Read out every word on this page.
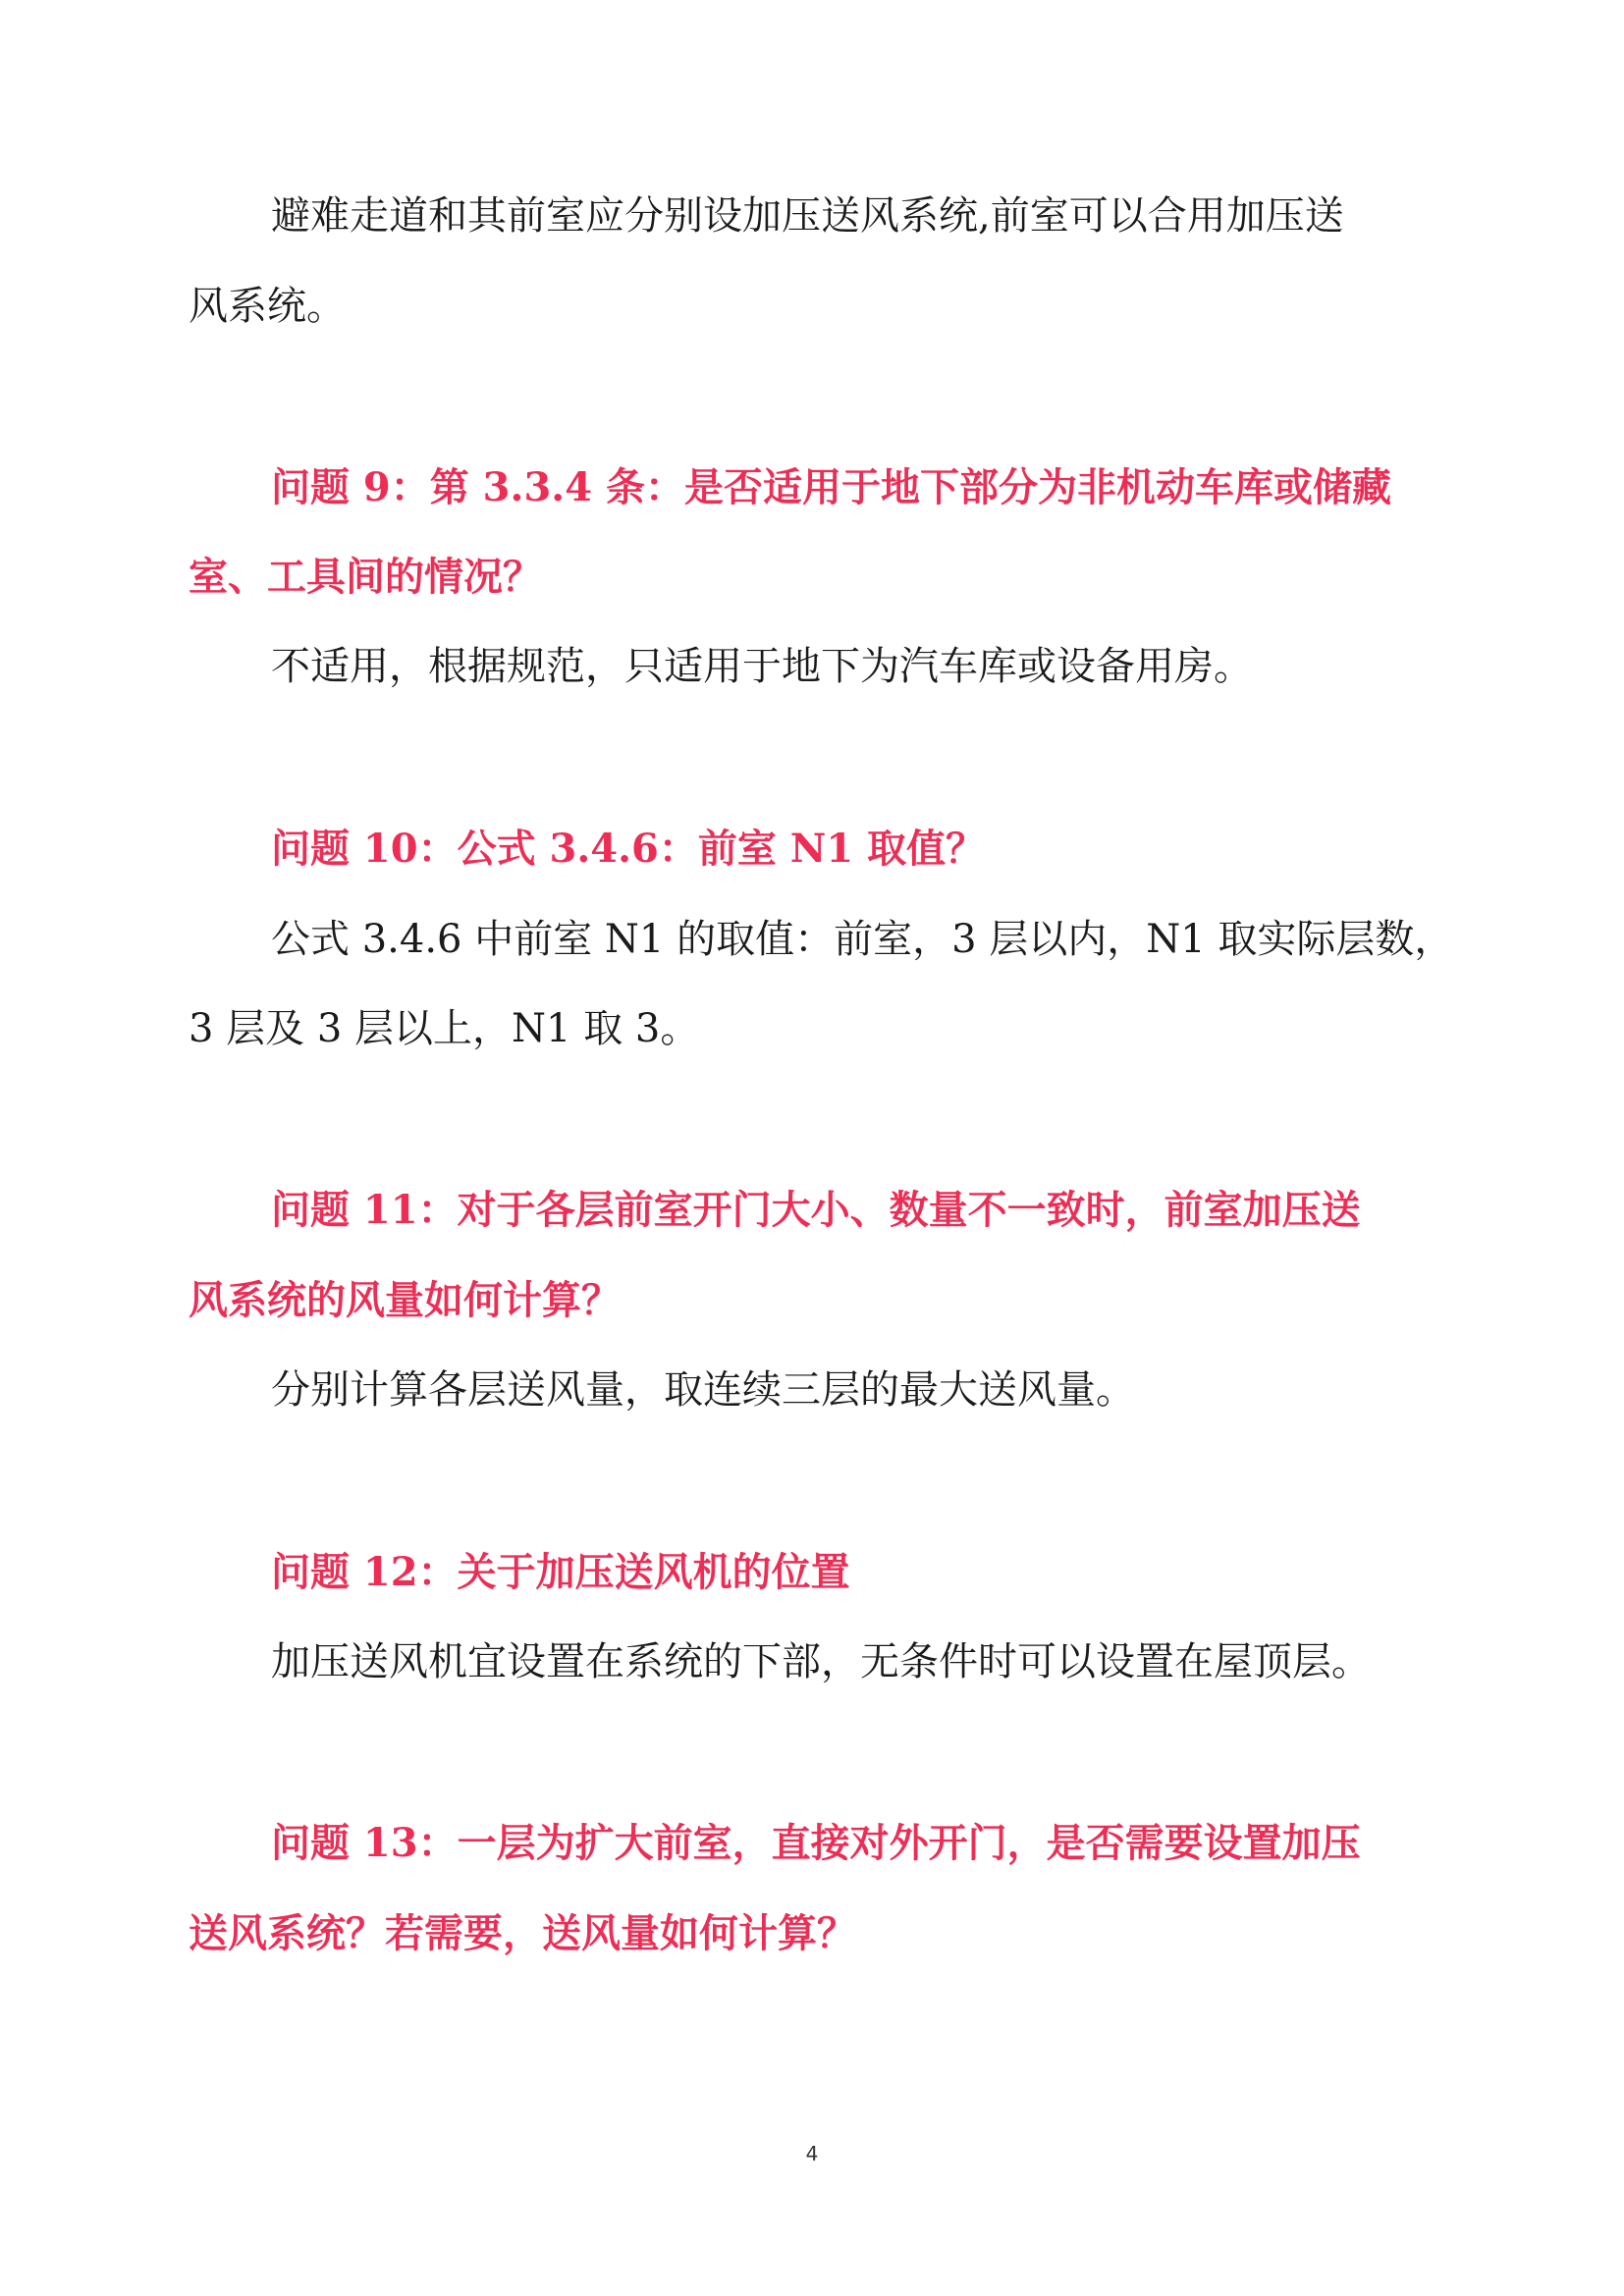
避难走道和其前室应分别设加压送风系统,前室可以合用加压送

风系统。

问题 9：第 3.3.4 条：是否适用于地下部分为非机动车库或储藏

室、工具间的情况？

不适用，根据规范，只适用于地下为汽车库或设备用房。

问题 10：公式 3.4.6：前室 N1 取值？

公式 3.4.6 中前室 N1 的取值：前室，3 层以内，N1 取实际层数，

3 层及 3 层以上，N1 取 3。

问题 11：对于各层前室开门大小、数量不一致时，前室加压送

风系统的风量如何计算？

分别计算各层送风量，取连续三层的最大送风量。

问题 12：关于加压送风机的位置

加压送风机宜设置在系统的下部，无条件时可以设置在屋顶层。

问题 13：一层为扩大前室，直接对外开门，是否需要设置加压

送风系统？若需要，送风量如何计算？

4
